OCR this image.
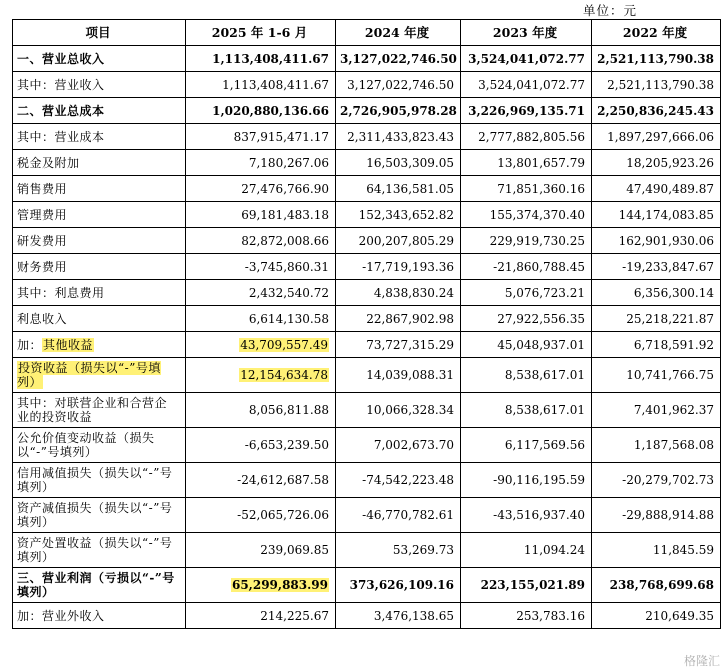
单位：元
项目	2025 年 1-6 月	2024 年度	2023 年度	2022 年度
一、营业总收入	1,113,408,411.67	3,127,022,746.50	3,524,041,072.77	2,521,113,790.38
其中：营业收入	1,113,408,411.67	3,127,022,746.50	3,524,041,072.77	2,521,113,790.38
二、营业总成本	1,020,880,136.66	2,726,905,978.28	3,226,969,135.71	2,250,836,245.43
其中：营业成本	837,915,471.17	2,311,433,823.43	2,777,882,805.56	1,897,297,666.06
税金及附加	7,180,267.06	16,503,309.05	13,801,657.79	18,205,923.26
销售费用	27,476,766.90	64,136,581.05	71,851,360.16	47,490,489.87
管理费用	69,181,483.18	152,343,652.82	155,374,370.40	144,174,083.85
研发费用	82,872,008.66	200,207,805.29	229,919,730.25	162,901,930.06
财务费用	-3,745,860.31	-17,719,193.36	-21,860,788.45	-19,233,847.67
其中：利息费用	2,432,540.72	4,838,830.24	5,076,723.21	6,356,300.14
利息收入	6,614,130.58	22,867,902.98	27,922,556.35	25,218,221.87
加：其他收益	43,709,557.49	73,727,315.29	45,048,937.01	6,718,591.92
投资收益（损失以“-”号填列）	12,154,634.78	14,039,088.31	8,538,617.01	10,741,766.75
其中：对联营企业和合营企业的投资收益	8,056,811.88	10,066,328.34	8,538,617.01	7,401,962.37
公允价值变动收益（损失以“-”号填列）	-6,653,239.50	7,002,673.70	6,117,569.56	1,187,568.08
信用减值损失（损失以“-”号填列）	-24,612,687.58	-74,542,223.48	-90,116,195.59	-20,279,702.73
资产减值损失（损失以“-”号填列）	-52,065,726.06	-46,770,782.61	-43,516,937.40	-29,888,914.88
资产处置收益（损失以“-”号填列）	239,069.85	53,269.73	11,094.24	11,845.59
三、营业利润（亏损以“-”号填列）	65,299,883.99	373,626,109.16	223,155,021.89	238,768,699.68
加：营业外收入	214,225.67	3,476,138.65	253,783.16	210,649.35
格隆汇
